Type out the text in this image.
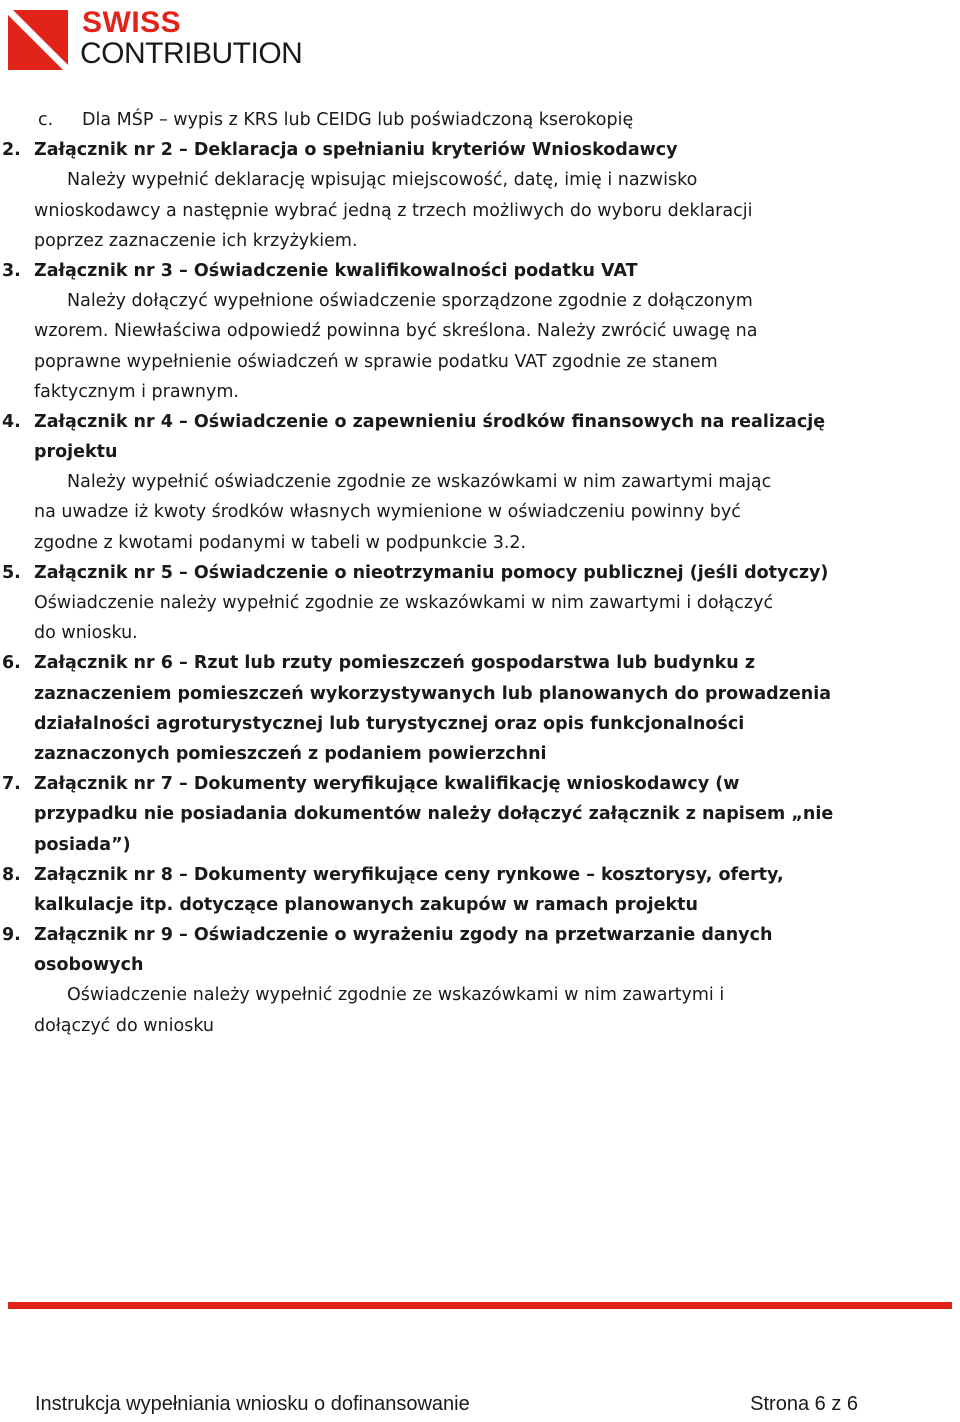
SWISS
CONTRIBUTION
c. Dla MŚP – wypis z KRS lub CEIDG lub poświadczoną kserokopię
2. Załącznik nr 2 – Deklaracja o spełnianiu kryteriów Wnioskodawcy
Należy wypełnić deklarację wpisując miejscowość, datę, imię i nazwisko
wnioskodawcy a następnie wybrać jedną z trzech możliwych do wyboru deklaracji
poprzez zaznaczenie ich krzyżykiem.
3. Załącznik nr 3 – Oświadczenie kwalifikowalności podatku VAT
Należy dołączyć wypełnione oświadczenie sporządzone zgodnie z dołączonym
wzorem. Niewłaściwa odpowiedź powinna być skreślona. Należy zwrócić uwagę na
poprawne wypełnienie oświadczeń w sprawie podatku VAT zgodnie ze stanem
faktycznym i prawnym.
4. Załącznik nr 4 – Oświadczenie o zapewnieniu środków finansowych na realizację
projektu
Należy wypełnić oświadczenie zgodnie ze wskazówkami w nim zawartymi mając
na uwadze iż kwoty środków własnych wymienione w oświadczeniu powinny być
zgodne z kwotami podanymi w tabeli w podpunkcie 3.2.
5. Załącznik nr 5 – Oświadczenie o nieotrzymaniu pomocy publicznej (jeśli dotyczy)
Oświadczenie należy wypełnić zgodnie ze wskazówkami w nim zawartymi i dołączyć
do wniosku.
6. Załącznik nr 6 – Rzut lub rzuty pomieszczeń gospodarstwa lub budynku z
zaznaczeniem pomieszczeń wykorzystywanych lub planowanych do prowadzenia
działalności agroturystycznej lub turystycznej oraz opis funkcjonalności
zaznaczonych pomieszczeń z podaniem powierzchni
7. Załącznik nr 7 – Dokumenty weryfikujące kwalifikację wnioskodawcy (w
przypadku nie posiadania dokumentów należy dołączyć załącznik z napisem „nie
posiada”)
8. Załącznik nr 8 – Dokumenty weryfikujące ceny rynkowe – kosztorysy, oferty,
kalkulacje itp. dotyczące planowanych zakupów w ramach projektu
9. Załącznik nr 9 – Oświadczenie o wyrażeniu zgody na przetwarzanie danych
osobowych
Oświadczenie należy wypełnić zgodnie ze wskazówkami w nim zawartymi i
dołączyć do wniosku
Instrukcja wypełniania wniosku o dofinansowanie	Strona 6 z 6
